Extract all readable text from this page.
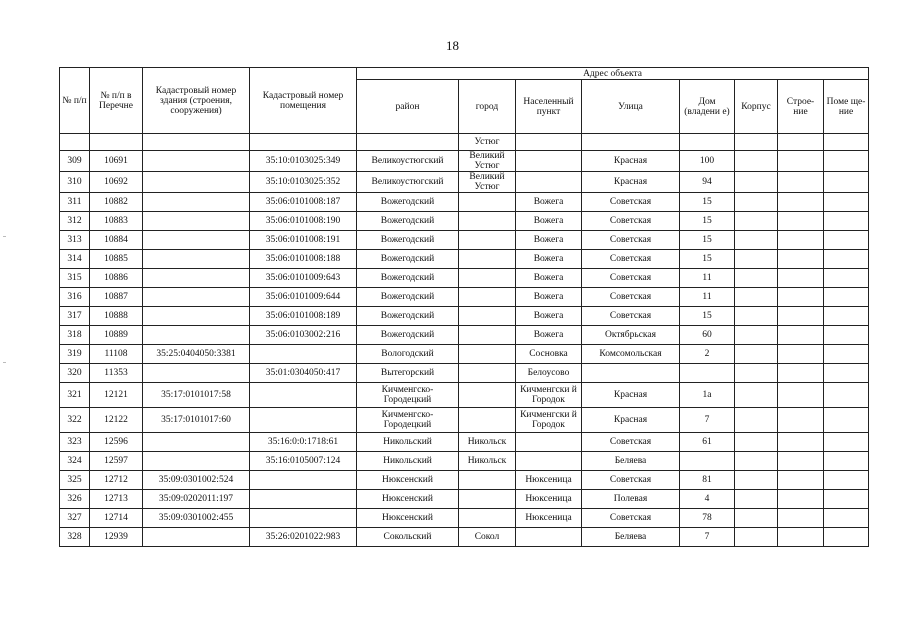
18
№ п/п	№ п/п в Перечне	Кадастровый номер здания (строения, сооружения)	Кадастровый номер помещения	Адрес объекта							
				район	город	Населенный пункт	Улица	Дом (владени е)	Корпус	Строе- ние	Поме ще- ние
					Устюг						
309	10691		35:10:0103025:349	Великоустюгский	Великий Устюг		Красная	100			
310	10692		35:10:0103025:352	Великоустюгский	Великий Устюг		Красная	94			
311	10882		35:06:0101008:187	Вожегодский		Вожега	Советская	15			
312	10883		35:06:0101008:190	Вожегодский		Вожега	Советская	15			
313	10884		35:06:0101008:191	Вожегодский		Вожега	Советская	15			
314	10885		35:06:0101008:188	Вожегодский		Вожега	Советская	15			
315	10886		35:06:0101009:643	Вожегодский		Вожега	Советская	11			
316	10887		35:06:0101009:644	Вожегодский		Вожега	Советская	11			
317	10888		35:06:0101008:189	Вожегодский		Вожега	Советская	15			
318	10889		35:06:0103002:216	Вожегодский		Вожега	Октябрьская	60			
319	11108	35:25:0404050:3381		Вологодский		Сосновка	Комсомольская	2			
320	11353		35:01:0304050:417	Вытегорский		Белоусово					
321	12121	35:17:0101017:58		Кичменгско-Городецкий		Кичменгски й Городок	Красная	1а			
322	12122	35:17:0101017:60		Кичменгско-Городецкий		Кичменгски й Городок	Красная	7			
323	12596		35:16:0:0:1718:61	Никольский	Никольск		Советская	61			
324	12597		35:16:0105007:124	Никольский	Никольск		Беляева				
325	12712	35:09:0301002:524		Нюксенский		Нюксеница	Советская	81			
326	12713	35:09:0202011:197		Нюксенский		Нюксеница	Полевая	4			
327	12714	35:09:0301002:455		Нюксенский		Нюксеница	Советская	78			
328	12939		35:26:0201022:983	Сокольский	Сокол		Беляева	7			
